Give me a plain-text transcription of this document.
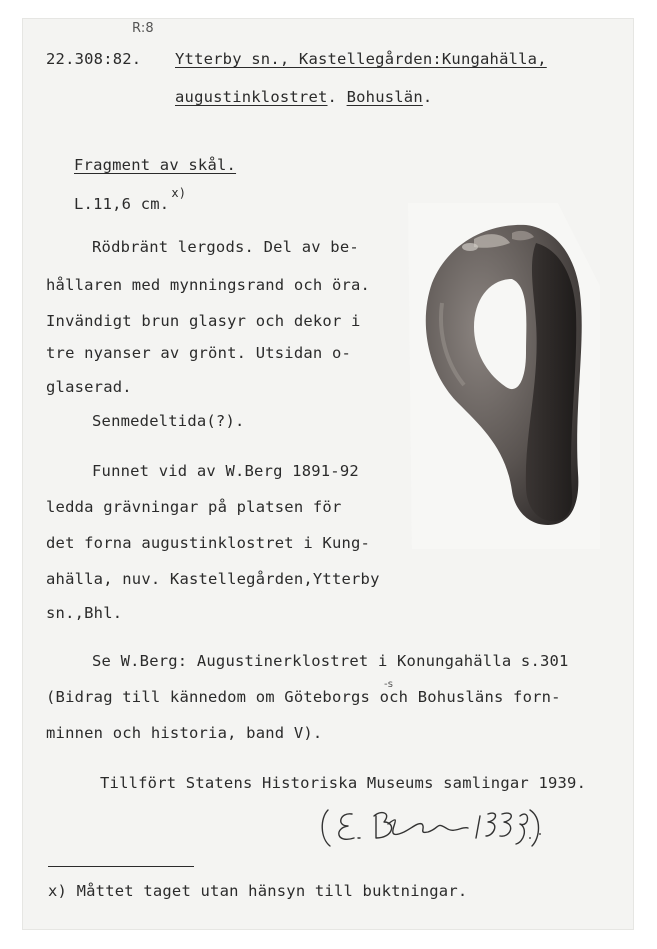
R:8
22.308:82. Ytterby sn., Kastellegården:Kungahälla,
augustinklostret. Bohuslän.
Fragment av skål.
L.11,6 cm.$^{x)}$
Rödbränt lergods. Del av be-
hållaren med mynningsrand och öra.
Invändigt brun glasyr och dekor i
tre nyanser av grönt. Utsidan o-
glaserad.
Senmedeltida(?).
Funnet vid av W.Berg 1891-92
ledda grävningar på platsen för
det forna augustinklostret i Kung-
ahälla, nuv. Kastellegården,Ytterby
sn.,Bhl.
Se W.Berg: Augustinerklostret i Konungahälla s.301
(Bidrag till kännedom om Göteborgs och Bohusläns forn-
-s
minnen och historia, band V).
Tillfört Statens Historiska Museums samlingar 1939.
x) Måttet taget utan hänsyn till buktningar.
